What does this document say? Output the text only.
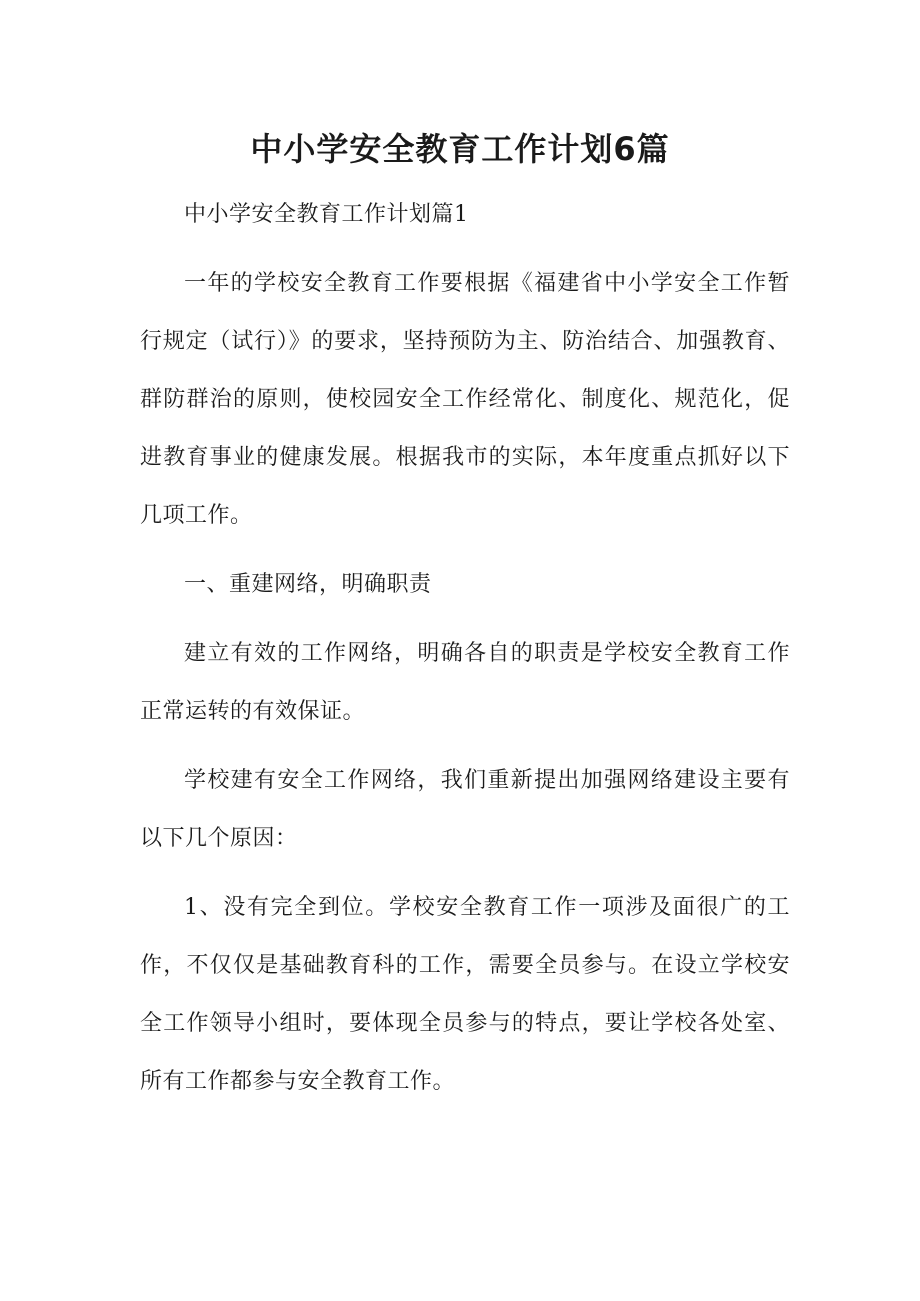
中小学安全教育工作计划6篇

中小学安全教育工作计划篇1

一年的学校安全教育工作要根据《福建省中小学安全工作暂行规定（试行）》的要求，坚持预防为主、防治结合、加强教育、群防群治的原则，使校园安全工作经常化、制度化、规范化，促进教育事业的健康发展。根据我市的实际，本年度重点抓好以下几项工作。

一、重建网络，明确职责

建立有效的工作网络，明确各自的职责是学校安全教育工作正常运转的有效保证。

学校建有安全工作网络，我们重新提出加强网络建设主要有以下几个原因：

1、没有完全到位。学校安全教育工作一项涉及面很广的工作，不仅仅是基础教育科的工作，需要全员参与。在设立学校安全工作领导小组时，要体现全员参与的特点，要让学校各处室、所有工作都参与安全教育工作。
